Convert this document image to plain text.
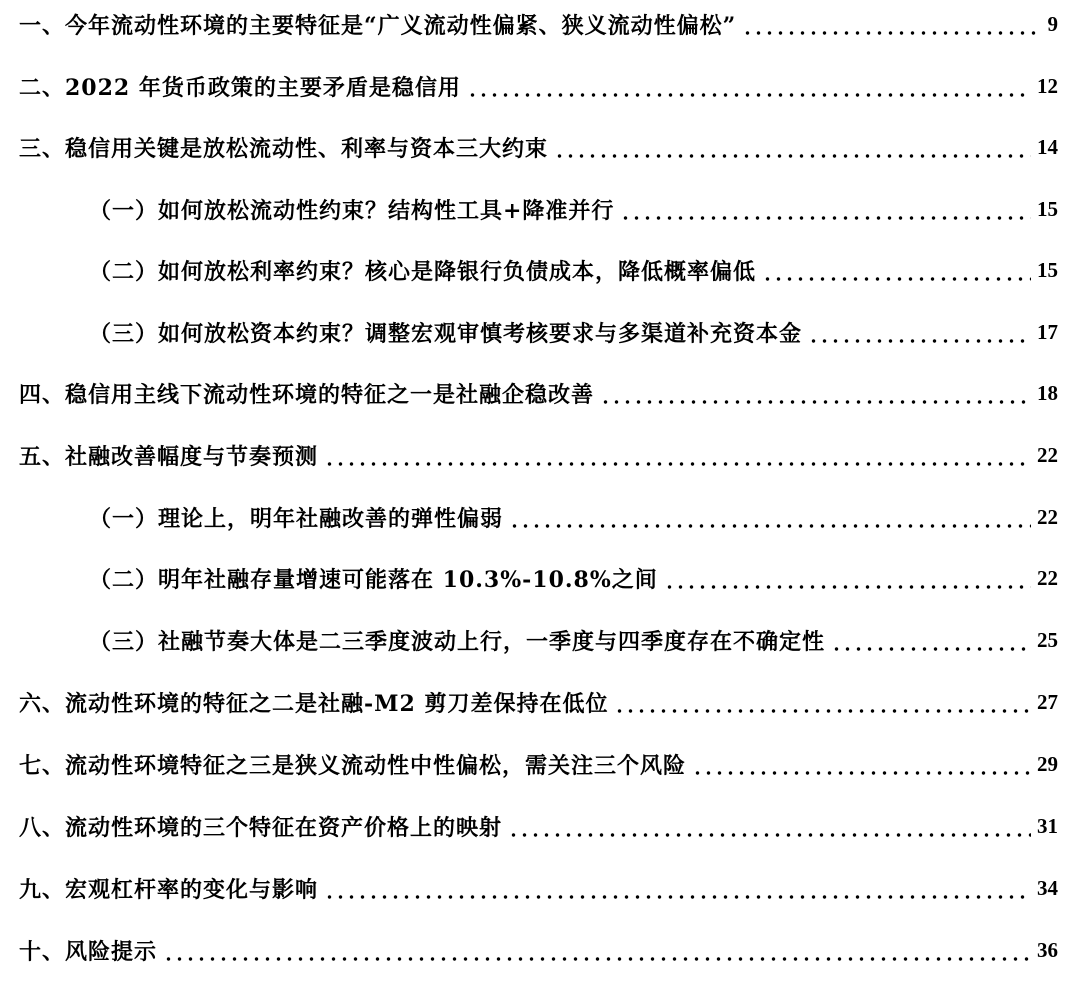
一、今年流动性环境的主要特征是“广义流动性偏紧、狭义流动性偏松”	9
二、2022 年货币政策的主要矛盾是稳信用	12
三、稳信用关键是放松流动性、利率与资本三大约束	14
（一）如何放松流动性约束？结构性工具+降准并行	15
（二）如何放松利率约束？核心是降银行负债成本，降低概率偏低	15
（三）如何放松资本约束？调整宏观审慎考核要求与多渠道补充资本金	17
四、稳信用主线下流动性环境的特征之一是社融企稳改善	18
五、社融改善幅度与节奏预测	22
（一）理论上，明年社融改善的弹性偏弱	22
（二）明年社融存量增速可能落在 10.3%-10.8%之间	22
（三）社融节奏大体是二三季度波动上行，一季度与四季度存在不确定性	25
六、流动性环境的特征之二是社融-M2 剪刀差保持在低位	27
七、流动性环境特征之三是狭义流动性中性偏松，需关注三个风险	29
八、流动性环境的三个特征在资产价格上的映射	31
九、宏观杠杆率的变化与影响	34
十、风险提示	36
